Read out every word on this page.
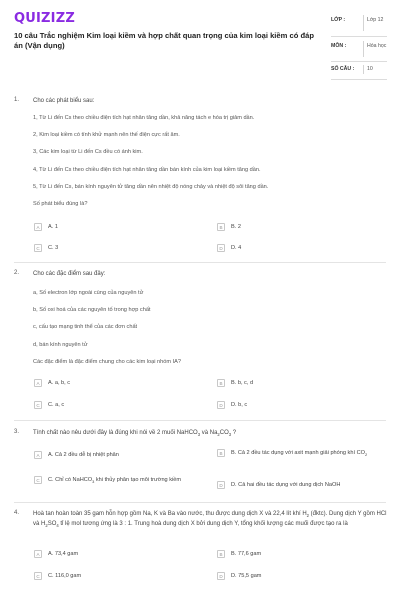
QUIZIZZ
10 câu Trắc nghiệm Kim loại kiềm và hợp chất quan trọng của kim loại kiềm có đáp án (Vận dụng)
LỚP :	Lớp 12
MÔN :	Hóa học
SỐ CÂU :	10
1. Cho các phát biểu sau:
1, Từ Li đến Cs theo chiều điện tích hạt nhân tăng dần, khả năng tách e hóa trị giảm dần.
2, Kim loại kiềm có tính khử mạnh nên thế điện cực rất âm.
3, Các kim loại từ Li đến Cs đều có ánh kim.
4, Từ Li đến Cs theo chiều điện tích hạt nhân tăng dần bán kính của kim loại kiềm tăng dần.
5, Từ Li đến Cs, bán kính nguyên tử tăng dần nên nhiệt độ nóng chảy và nhiệt độ sôi tăng dần.
Số phát biểu đúng là?
A	A. 1	B	B. 2
C	C. 3	D	D. 4
2. Cho các đặc điểm sau đây:
a, Số electron lớp ngoài cùng của nguyên tử
b, Số oxi hoá của các nguyên tố trong hợp chất
c, cấu tạo mạng tinh thể của các đơn chất
d, bán kính nguyên tử
Các đặc điểm là đặc điểm chung cho các kim loại nhóm IA?
A	A. a, b, c	B	B. b, c, d
C	C. a, c	D	D. b, c
3. Tính chất nào nêu dưới đây là đúng khi nói về 2 muối NaHCO$_3$ và $Na_2CO_3$ ?
A	A. Cả 2 đều dễ bị nhiệt phân	B	B. Cả 2 đều tác dụng với axit mạnh giải phóng khí $CO_2$
C	C. Chỉ có NaHCO$_3$ khi thủy phân tạo môi trường kiềm
D	D. Cả hai đều tác dụng với dung dịch NaOH
4. Hoà tan hoàn toàn 35 gam hỗn hợp gồm Na, K và Ba vào nước, thu được dung dịch X và 22,4 lít khí $H_2$ (đktc). Dung dịch Y gồm HCl và $H_2SO_4$ tỉ lệ mol tương ứng là 3 : 1. Trung hoà dung dịch X bởi dung dịch Y, tổng khối lượng các muối được tạo ra là
A	A. 73,4 gam	B	B. 77,6 gam
C	C. 116,0 gam	D	D. 75,5 gam
